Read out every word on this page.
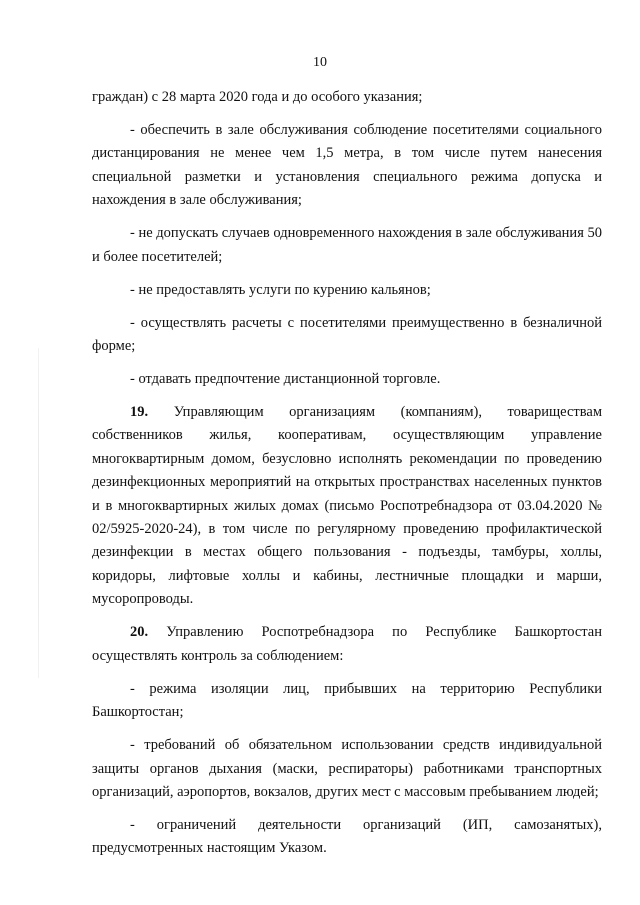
10

граждан) с 28 марта 2020 года и до особого указания;

- обеспечить в зале обслуживания соблюдение посетителями социального дистанцирования не менее чем 1,5 метра, в том числе путем нанесения специальной разметки и установления специального режима допуска и нахождения в зале обслуживания;

- не допускать случаев одновременного нахождения в зале обслуживания 50 и более посетителей;

- не предоставлять услуги по курению кальянов;

- осуществлять расчеты с посетителями преимущественно в безналичной форме;

- отдавать предпочтение дистанционной торговле.

19. Управляющим организациям (компаниям), товариществам собственников жилья, кооперативам, осуществляющим управление многоквартирным домом, безусловно исполнять рекомендации по проведению дезинфекционных мероприятий на открытых пространствах населенных пунктов и в многоквартирных жилых домах (письмо Роспотребнадзора от 03.04.2020 № 02/5925-2020-24), в том числе по регулярному проведению профилактической дезинфекции в местах общего пользования - подъезды, тамбуры, холлы, коридоры, лифтовые холлы и кабины, лестничные площадки и марши, мусоропроводы.

20. Управлению Роспотребнадзора по Республике Башкортостан осуществлять контроль за соблюдением:

- режима изоляции лиц, прибывших на территорию Республики Башкортостан;

- требований об обязательном использовании средств индивидуальной защиты органов дыхания (маски, респираторы) работниками транспортных организаций, аэропортов, вокзалов, других мест с массовым пребыванием людей;

- ограничений деятельности организаций (ИП, самозанятых), предусмотренных настоящим Указом.
